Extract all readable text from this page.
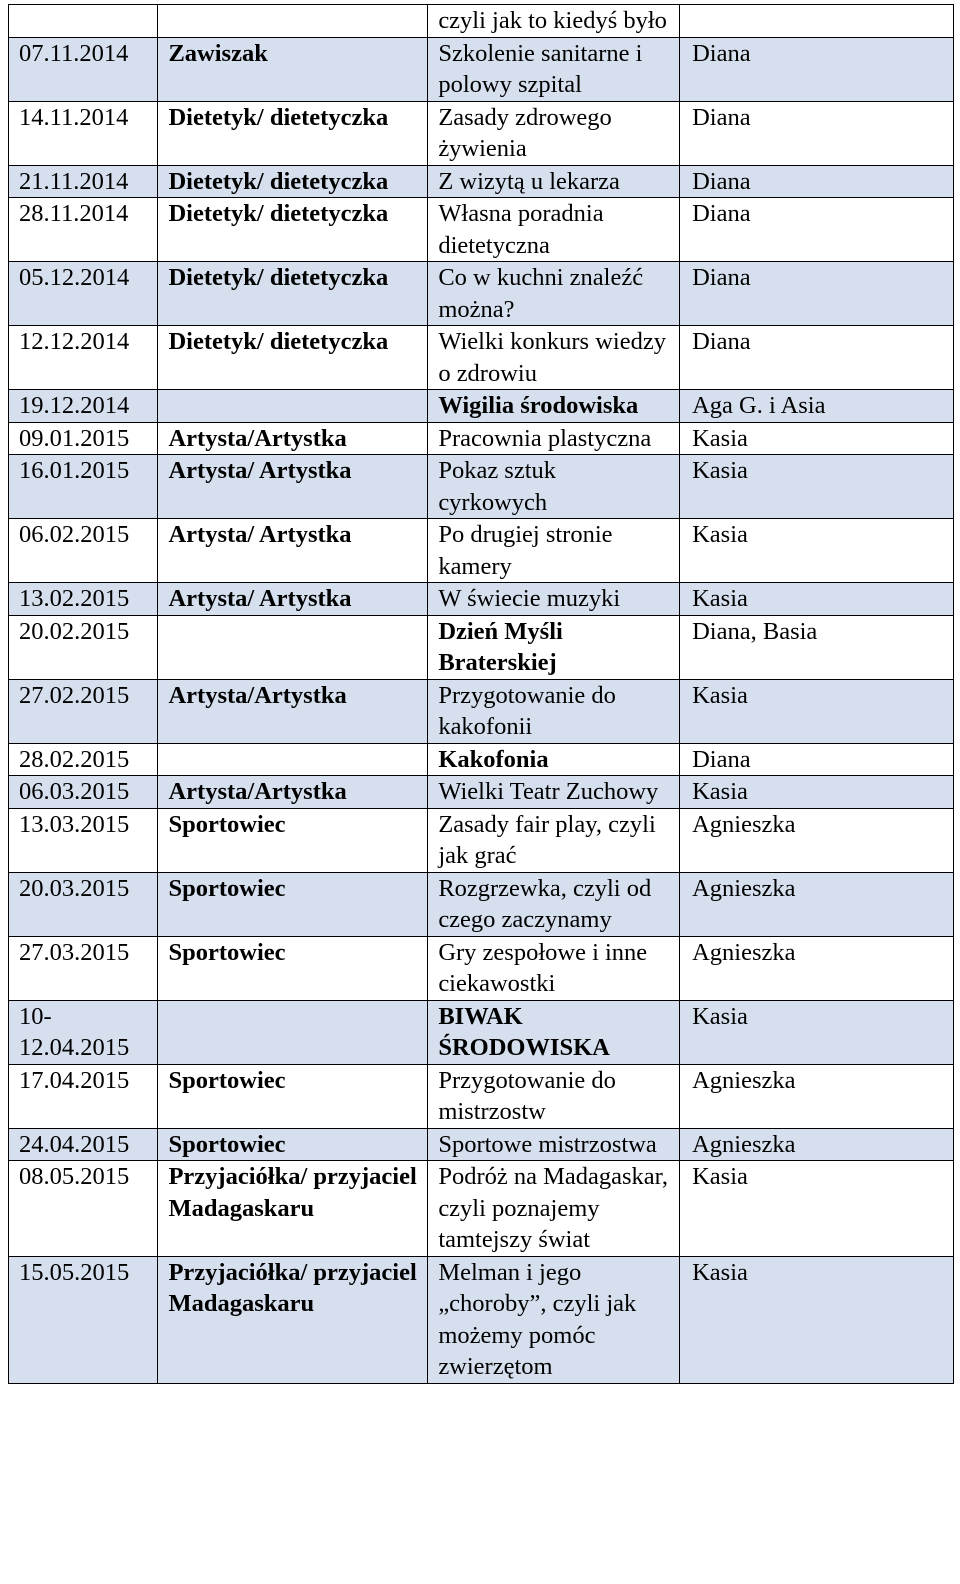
		czyli jak to kiedyś było	
07.11.2014	Zawiszak	Szkolenie sanitarne i polowy szpital	Diana
14.11.2014	Dietetyk/ dietetyczka	Zasady zdrowego żywienia	Diana
21.11.2014	Dietetyk/ dietetyczka	Z wizytą u lekarza	Diana
28.11.2014	Dietetyk/ dietetyczka	Własna poradnia dietetyczna	Diana
05.12.2014	Dietetyk/ dietetyczka	Co w kuchni znaleźć można?	Diana
12.12.2014	Dietetyk/ dietetyczka	Wielki konkurs wiedzy o zdrowiu	Diana
19.12.2014		Wigilia środowiska	Aga G. i Asia
09.01.2015	Artysta/Artystka	Pracownia plastyczna	Kasia
16.01.2015	Artysta/ Artystka	Pokaz sztuk cyrkowych	Kasia
06.02.2015	Artysta/ Artystka	Po drugiej stronie kamery	Kasia
13.02.2015	Artysta/ Artystka	W świecie muzyki	Kasia
20.02.2015		Dzień Myśli Braterskiej	Diana, Basia
27.02.2015	Artysta/Artystka	Przygotowanie do kakofonii	Kasia
28.02.2015		Kakofonia	Diana
06.03.2015	Artysta/Artystka	Wielki Teatr Zuchowy	Kasia
13.03.2015	Sportowiec	Zasady fair play, czyli jak grać	Agnieszka
20.03.2015	Sportowiec	Rozgrzewka, czyli od czego zaczynamy	Agnieszka
27.03.2015	Sportowiec	Gry zespołowe i inne ciekawostki	Agnieszka
10-12.04.2015		BIWAK ŚRODOWISKA	Kasia
17.04.2015	Sportowiec	Przygotowanie do mistrzostw	Agnieszka
24.04.2015	Sportowiec	Sportowe mistrzostwa	Agnieszka
08.05.2015	Przyjaciółka/ przyjaciel Madagaskaru	Podróż na Madagaskar, czyli poznajemy tamtejszy świat	Kasia
15.05.2015	Przyjaciółka/ przyjaciel Madagaskaru	Melman i jego „choroby”, czyli jak możemy pomóc zwierzętom	Kasia
